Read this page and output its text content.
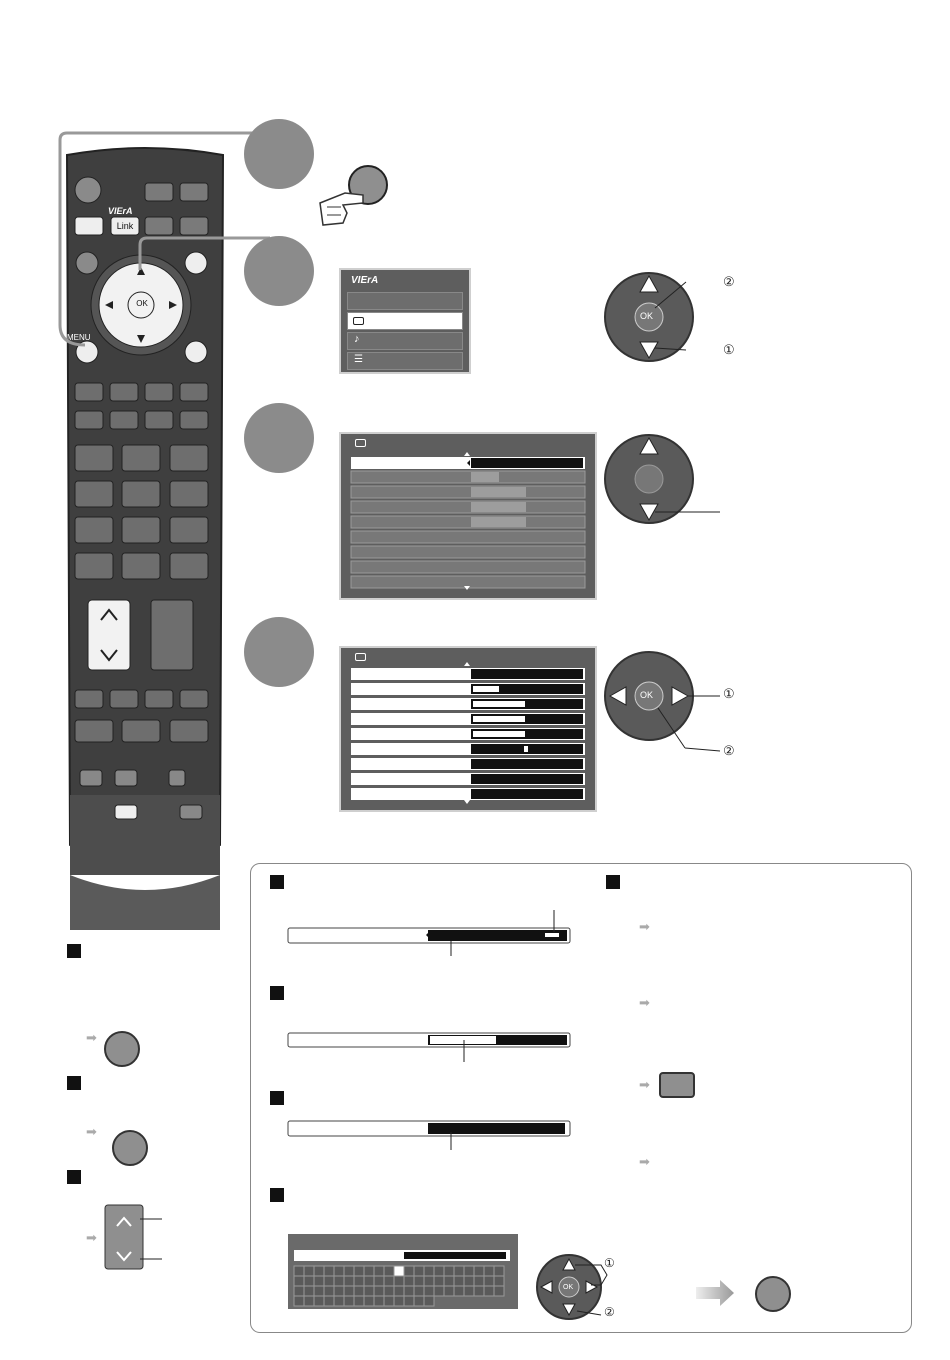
VIErA
Link
MENU
OK
VIErA
♪
☰
OK
②
①
OK	①
②
➡
➡
➡
OK
①
②
➡
➡
➡
➡
